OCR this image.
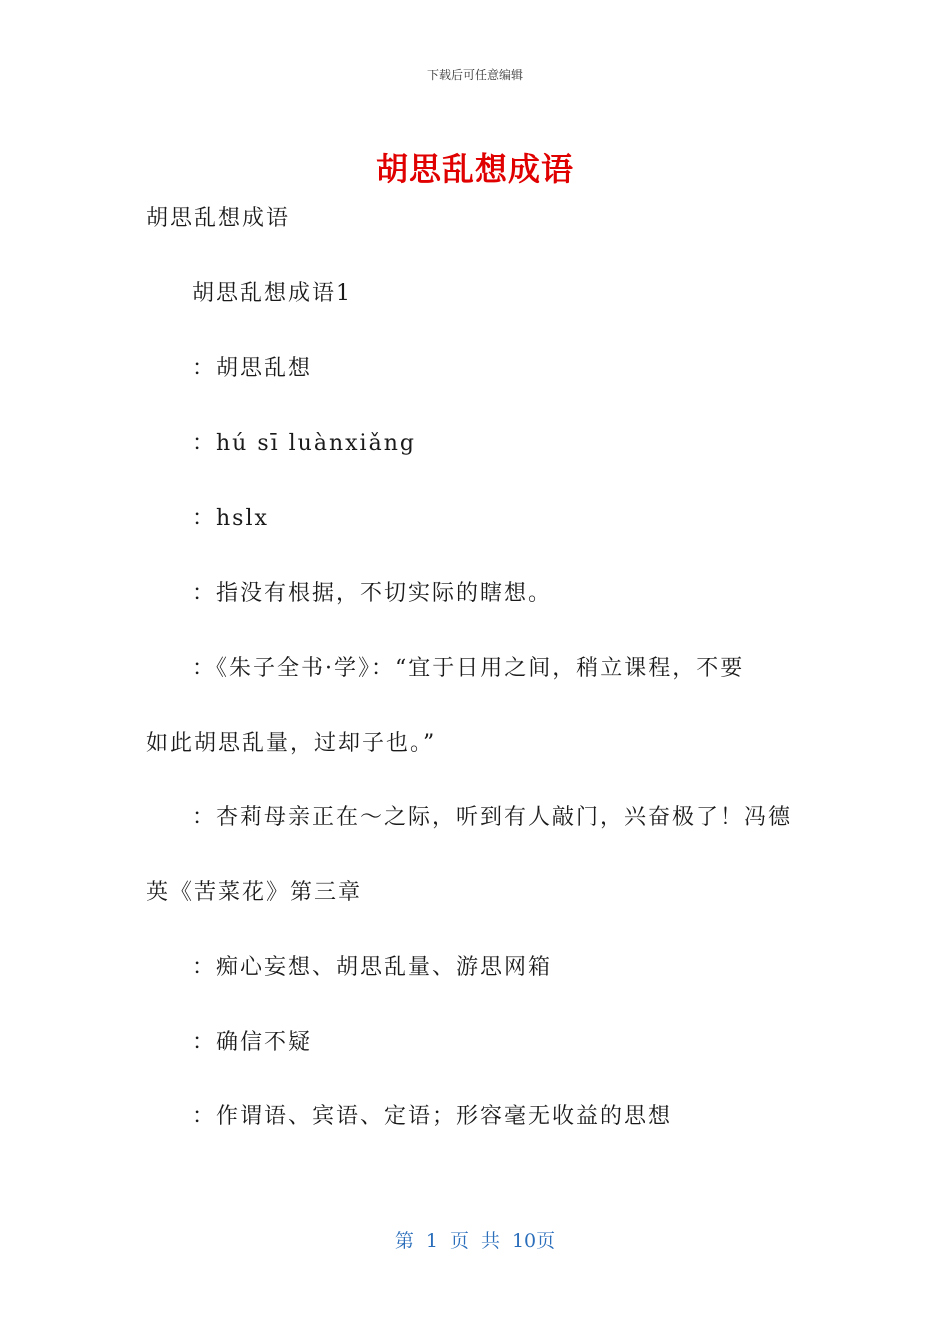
下载后可任意编辑
胡思乱想成语
胡思乱想成语
胡思乱想成语1
：胡思乱想
：hú sī luànxiǎng
：hslx
：指没有根据，不切实际的瞎想。
：《朱子全书·学》：“宜于日用之间，稍立课程，不要
如此胡思乱量，过却子也。”
：杏莉母亲正在～之际，听到有人敲门，兴奋极了！冯德
英《苦菜花》第三章
：痴心妄想、胡思乱量、游思网箱
：确信不疑
：作谓语、宾语、定语；形容毫无收益的思想
第 1 页 共 10页
